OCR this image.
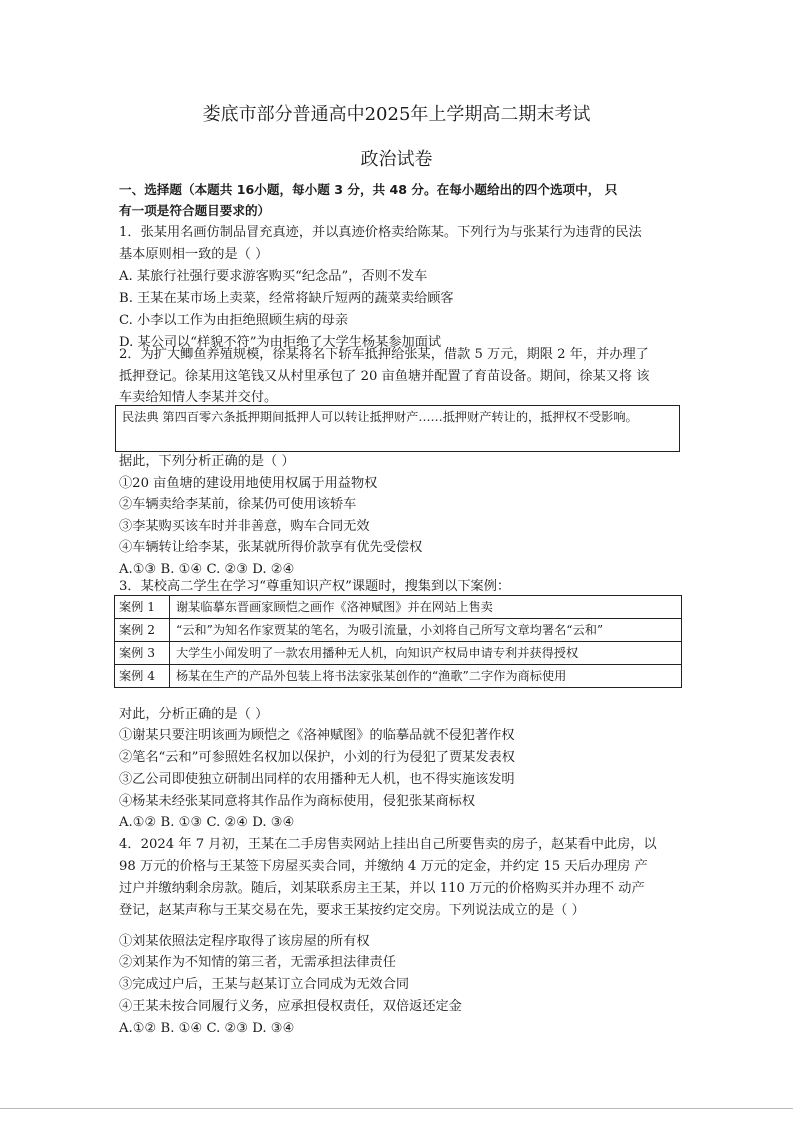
娄底市部分普通高中2025年上学期高二期末考试
政治试卷
一、选择题（本题共 16小题，每小题 3 分，共 48 分。在每小题给出的四个选项中， 只
有一项是符合题目要求的）
1．张某用名画仿制品冒充真迹，并以真迹价格卖给陈某。下列行为与张某行为违背的民法
基本原则相一致的是（ ）
A. 某旅行社强行要求游客购买“纪念品”，否则不发车
B. 王某在某市场上卖菜，经常将缺斤短两的蔬菜卖给顾客
C. 小李以工作为由拒绝照顾生病的母亲
D. 某公司以“样貌不符”为由拒绝了大学生杨某参加面试
2．为扩大鲫鱼养殖规模，徐某将名下轿车抵押给张某，借款 5 万元，期限 2 年，并办理了
抵押登记。徐某用这笔钱又从村里承包了 20 亩鱼塘并配置了育苗设备。期间，徐某又将 该
车卖给知情人李某并交付。
民法典 第四百零六条抵押期间抵押人可以转让抵押财产……抵押财产转让的，抵押权不受影响。
据此，下列分析正确的是（ ）
①20 亩鱼塘的建设用地使用权属于用益物权
②车辆卖给李某前，徐某仍可使用该轿车
③李某购买该车时并非善意，购车合同无效
④车辆转让给李某，张某就所得价款享有优先受偿权
A.①③ B. ①④ C. ②③ D. ②④
3．某校高二学生在学习“尊重知识产权”课题时，搜集到以下案例：
案例 1	谢某临摹东晋画家顾恺之画作《洛神赋图》并在网站上售卖
案例 2	“云和”为知名作家贾某的笔名，为吸引流量，小刘将自己所写文章均署名“云和”
案例 3	大学生小闻发明了一款农用播种无人机，向知识产权局申请专利并获得授权
案例 4	杨某在生产的产品外包装上将书法家张某创作的“渔歌”二字作为商标使用
对此，分析正确的是（ ）
①谢某只要注明该画为顾恺之《洛神赋图》的临摹品就不侵犯著作权
②笔名“云和”可参照姓名权加以保护，小刘的行为侵犯了贾某发表权
③乙公司即使独立研制出同样的农用播种无人机，也不得实施该发明
④杨某未经张某同意将其作品作为商标使用，侵犯张某商标权
A.①② B. ①③ C. ②④ D. ③④
4．2024 年 7 月初，王某在二手房售卖网站上挂出自己所要售卖的房子，赵某看中此房，以
98 万元的价格与王某签下房屋买卖合同，并缴纳 4 万元的定金，并约定 15 天后办理房 产
过户并缴纳剩余房款。随后，刘某联系房主王某，并以 110 万元的价格购买并办理不 动产
登记，赵某声称与王某交易在先，要求王某按约定交房。下列说法成立的是（ ）
①刘某依照法定程序取得了该房屋的所有权
②刘某作为不知情的第三者，无需承担法律责任
③完成过户后，王某与赵某订立合同成为无效合同
④王某未按合同履行义务，应承担侵权责任，双倍返还定金
A.①② B. ①④ C. ②③ D. ③④
